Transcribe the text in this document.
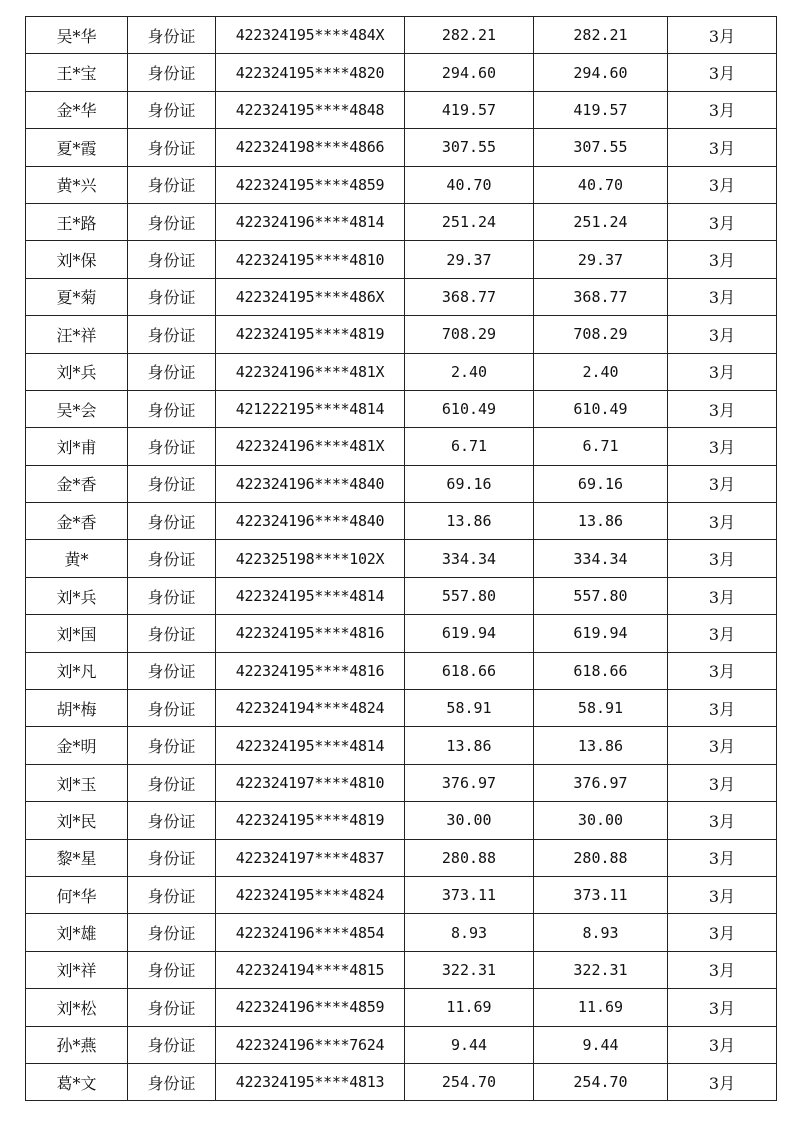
吴*华	身份证	422324195****484X	282.21	282.21	3月
王*宝	身份证	422324195****4820	294.60	294.60	3月
金*华	身份证	422324195****4848	419.57	419.57	3月
夏*霞	身份证	422324198****4866	307.55	307.55	3月
黄*兴	身份证	422324195****4859	40.70	40.70	3月
王*路	身份证	422324196****4814	251.24	251.24	3月
刘*保	身份证	422324195****4810	29.37	29.37	3月
夏*菊	身份证	422324195****486X	368.77	368.77	3月
汪*祥	身份证	422324195****4819	708.29	708.29	3月
刘*兵	身份证	422324196****481X	2.40	2.40	3月
吴*会	身份证	421222195****4814	610.49	610.49	3月
刘*甫	身份证	422324196****481X	6.71	6.71	3月
金*香	身份证	422324196****4840	69.16	69.16	3月
金*香	身份证	422324196****4840	13.86	13.86	3月
黄*	身份证	422325198****102X	334.34	334.34	3月
刘*兵	身份证	422324195****4814	557.80	557.80	3月
刘*国	身份证	422324195****4816	619.94	619.94	3月
刘*凡	身份证	422324195****4816	618.66	618.66	3月
胡*梅	身份证	422324194****4824	58.91	58.91	3月
金*明	身份证	422324195****4814	13.86	13.86	3月
刘*玉	身份证	422324197****4810	376.97	376.97	3月
刘*民	身份证	422324195****4819	30.00	30.00	3月
黎*星	身份证	422324197****4837	280.88	280.88	3月
何*华	身份证	422324195****4824	373.11	373.11	3月
刘*雄	身份证	422324196****4854	8.93	8.93	3月
刘*祥	身份证	422324194****4815	322.31	322.31	3月
刘*松	身份证	422324196****4859	11.69	11.69	3月
孙*燕	身份证	422324196****7624	9.44	9.44	3月
葛*文	身份证	422324195****4813	254.70	254.70	3月
